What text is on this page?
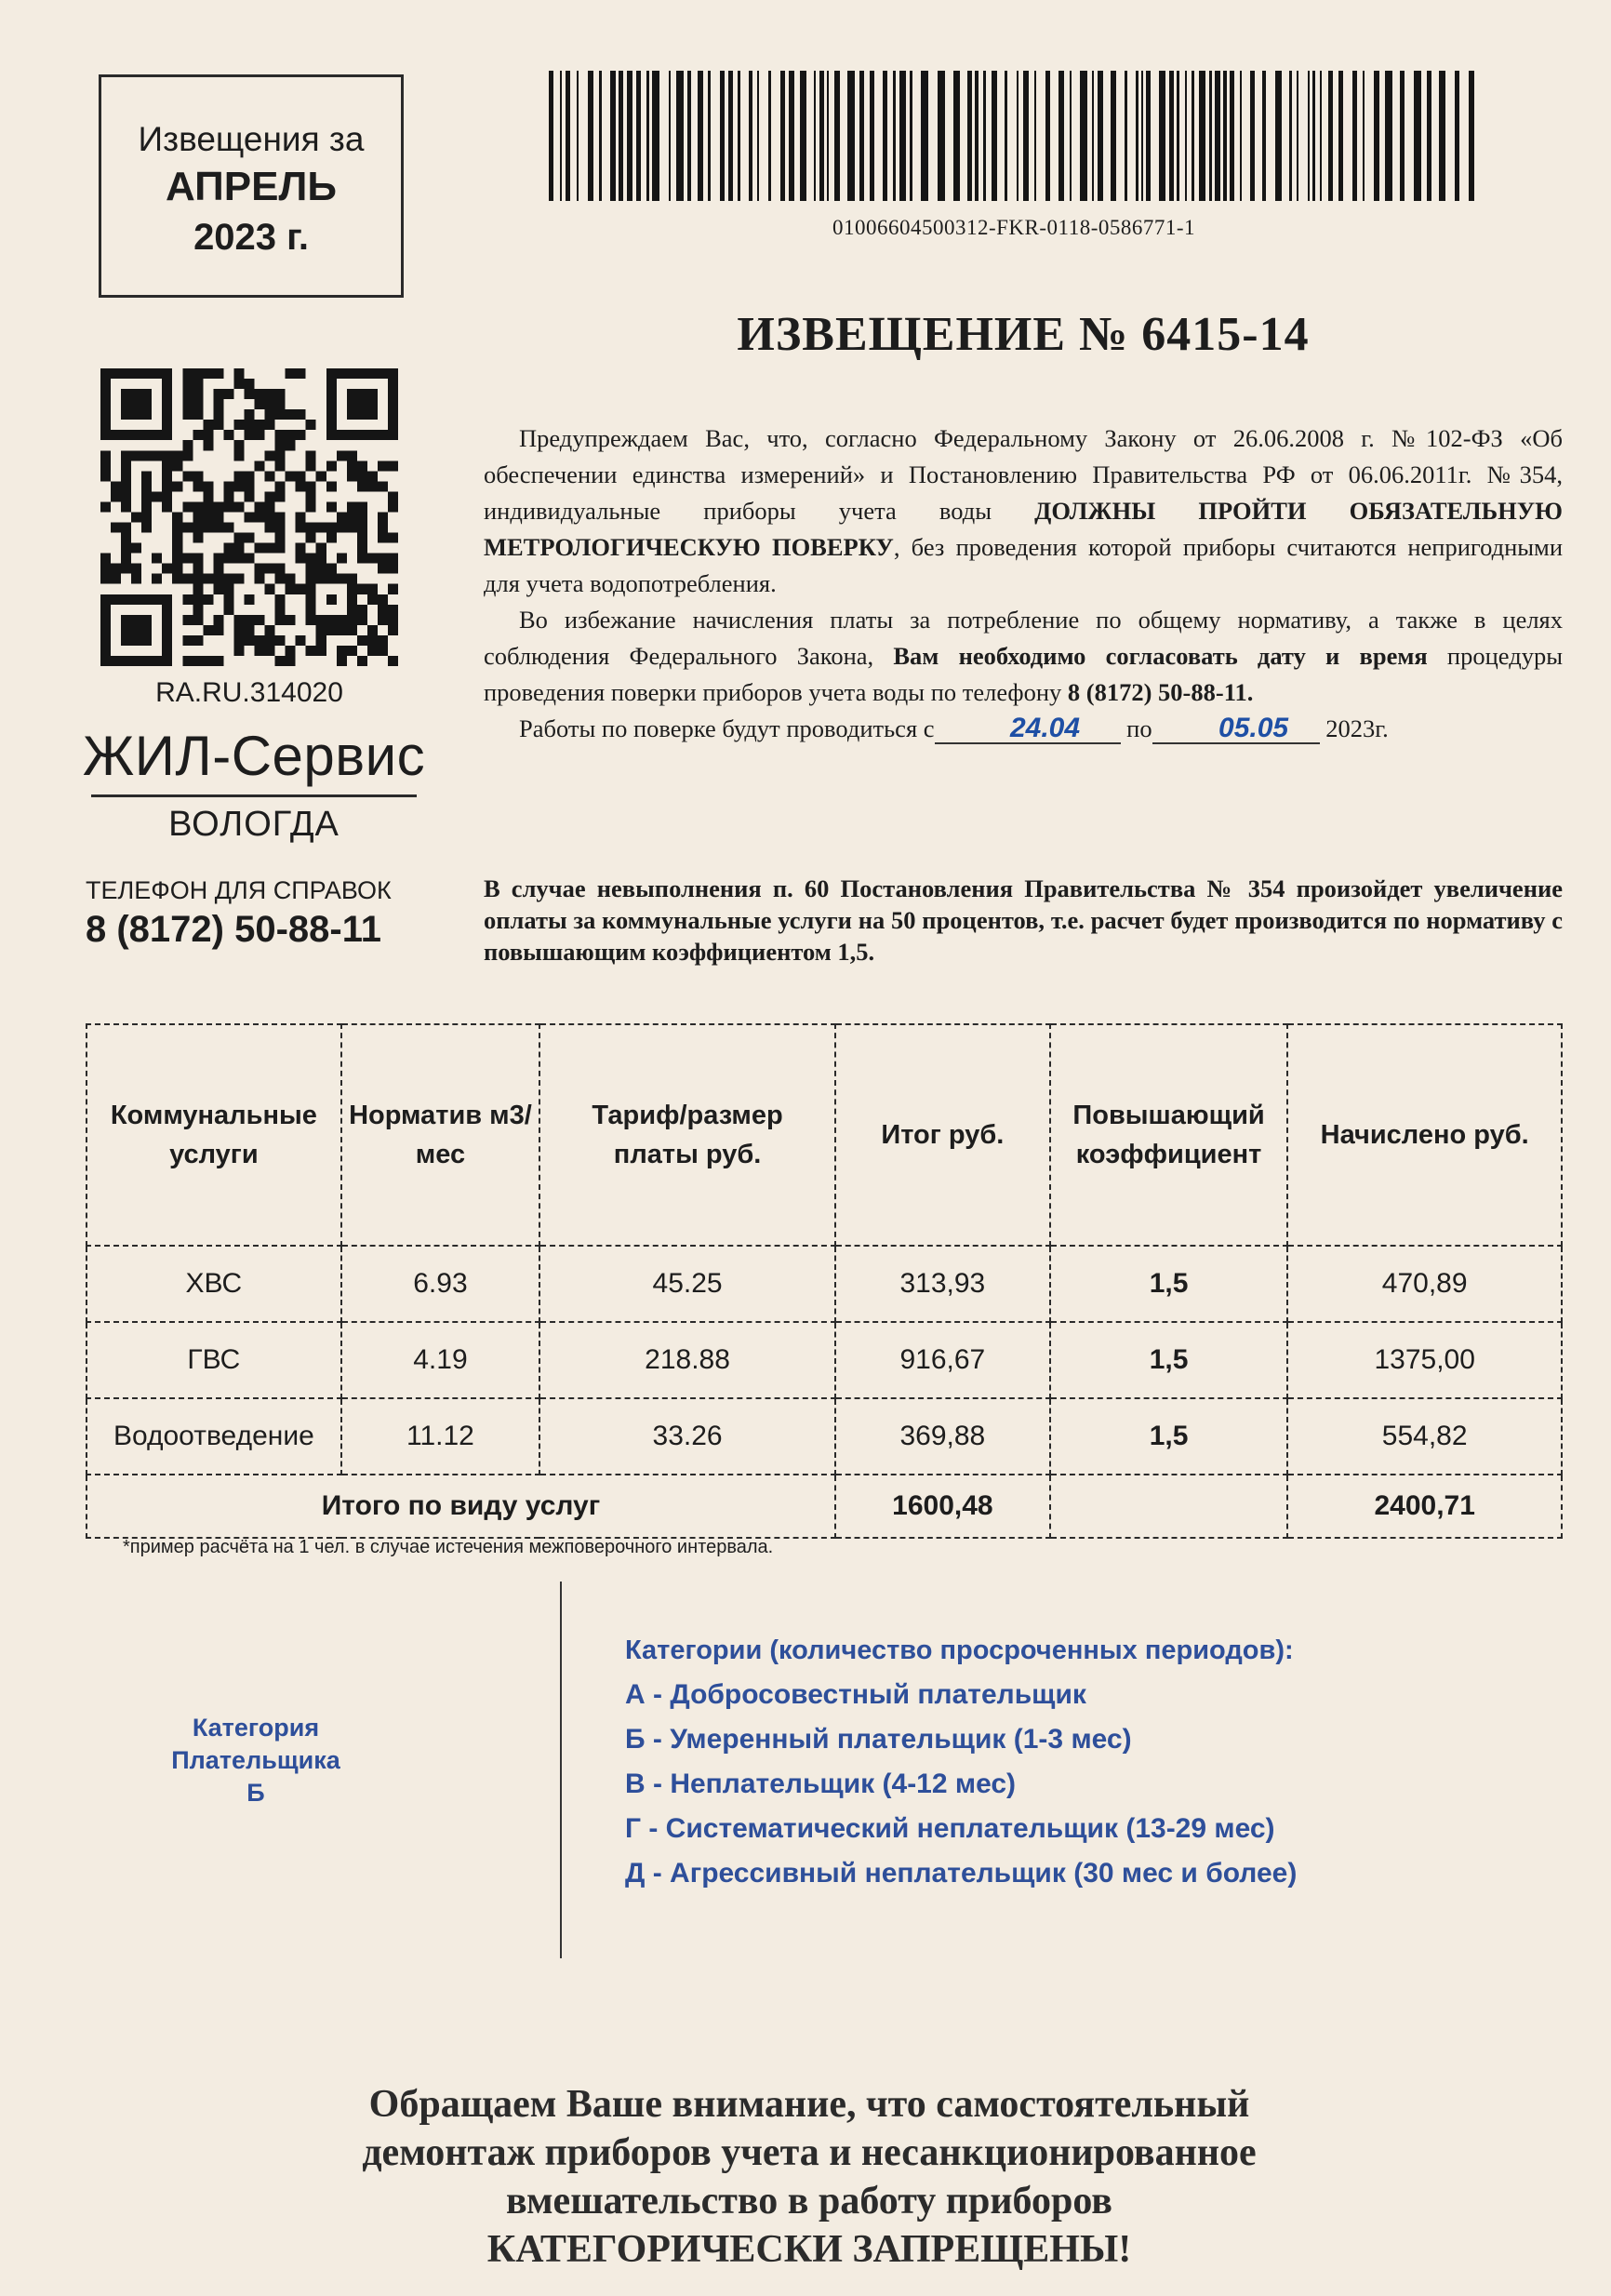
Извещения за
АПРЕЛЬ
2023 г.	01006604500312-FKR-0118-0586771-1
ИЗВЕЩЕНИЕ № 6415-14
RA.RU.314020
ЖИЛ-Сервис
ВОЛОГДА
ТЕЛЕФОН ДЛЯ СПРАВОК
8 (8172) 50-88-11

Предупреждаем Вас, что, согласно Федеральному Закону от 26.06.2008 г. №102-ФЗ «Об обеспечении единства измерений» и Постановлению Правительства РФ от 06.06.2011г. №354, индивидуальные приборы учета воды ДОЛЖНЫ ПРОЙТИ ОБЯЗАТЕЛЬНУЮ МЕТРОЛОГИЧЕСКУЮ ПОВЕРКУ, без проведения которой приборы считаются непригодными для учета водопотребления.

Во избежание начисления платы за потребление по общему нормативу, а также в целях соблюдения Федерального Закона, Вам необходимо согласовать дату и время процедуры проведения поверки приборов учета воды по телефону 8 (8172) 50-88-11.

Работы по поверке будут проводиться с	24.04 по 05.05 2023г.

В случае невыполнения п. 60 Постановления Правительства № 354 произойдет увеличение оплаты за коммунальные услуги на 50 процентов, т.е. расчет будет производится по нормативу с повышающим коэффициентом 1,5.
Коммунальные услуги	Норматив м3/мес	Тариф/размер платы руб.	Итог руб.	Повышающий коэффициент	Начислено руб.
ХВС	6.93	45.25	313,93	1,5	470,89
ГВС	4.19	218.88	916,67	1,5	1375,00
Водоотведение	11.12	33.26	369,88	1,5	554,82
Итого по виду услуг			1600,48		2400,71
*пример расчёта на 1 чел. в случае истечения межповерочного интервала.
Категория
Плательщика
Б
Категории (количество просроченных периодов):
А - Добросовестный плательщик
Б - Умеренный плательщик (1-3 мес)
В - Неплательщик (4-12 мес)
Г - Систематический неплательщик (13-29 мес)
Д - Агрессивный неплательщик (30 мес и более)
Обращаем Ваше внимание, что самостоятельный
демонтаж приборов учета и несанкционированное
вмешательство в работу приборов
КАТЕГОРИЧЕСКИ ЗАПРЕЩЕНЫ!
